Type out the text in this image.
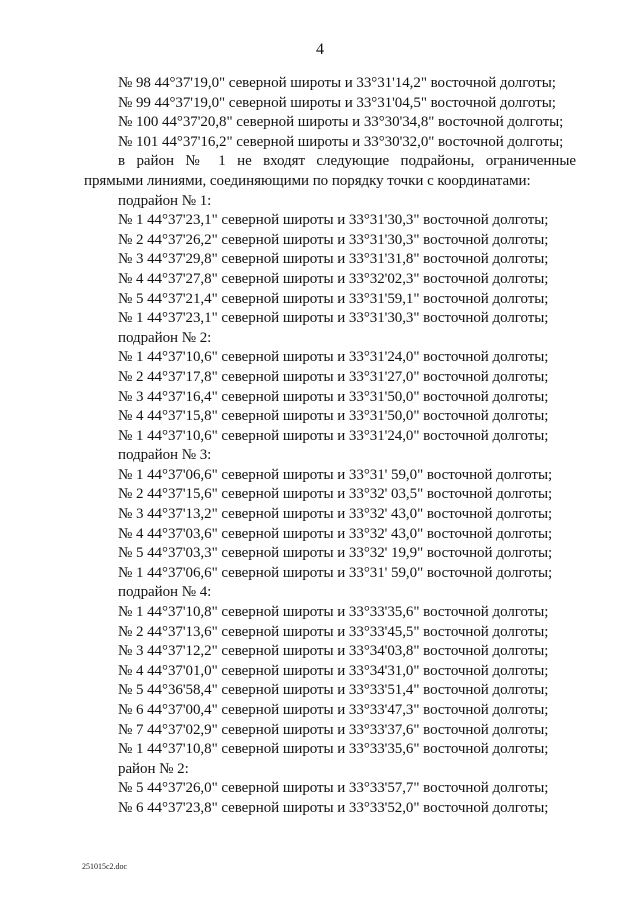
4
№ 98 44°37'19,0" северной широты и 33°31'14,2" восточной долготы;
№ 99 44°37'19,0" северной широты и 33°31'04,5" восточной долготы;
№ 100 44°37'20,8" северной широты и 33°30'34,8" восточной долготы;
№ 101 44°37'16,2" северной широты и 33°30'32,0" восточной долготы;
в район № 1 не входят следующие подрайоны, ограниченные
прямыми линиями, соединяющими по порядку точки с координатами:
подрайон № 1:
№ 1 44°37'23,1" северной широты и 33°31'30,3" восточной долготы;
№ 2 44°37'26,2" северной широты и 33°31'30,3" восточной долготы;
№ 3 44°37'29,8" северной широты и 33°31'31,8" восточной долготы;
№ 4 44°37'27,8" северной широты и 33°32'02,3" восточной долготы;
№ 5 44°37'21,4" северной широты и 33°31'59,1" восточной долготы;
№ 1 44°37'23,1" северной широты и 33°31'30,3" восточной долготы;
подрайон № 2:
№ 1 44°37'10,6" северной широты и 33°31'24,0" восточной долготы;
№ 2 44°37'17,8" северной широты и 33°31'27,0" восточной долготы;
№ 3 44°37'16,4" северной широты и 33°31'50,0" восточной долготы;
№ 4 44°37'15,8" северной широты и 33°31'50,0" восточной долготы;
№ 1 44°37'10,6" северной широты и 33°31'24,0" восточной долготы;
подрайон № 3:
№ 1 44°37'06,6" северной широты и 33°31' 59,0" восточной долготы;
№ 2 44°37'15,6" северной широты и 33°32' 03,5" восточной долготы;
№ 3 44°37'13,2" северной широты и 33°32' 43,0" восточной долготы;
№ 4 44°37'03,6" северной широты и 33°32' 43,0" восточной долготы;
№ 5 44°37'03,3" северной широты и 33°32' 19,9" восточной долготы;
№ 1 44°37'06,6" северной широты и 33°31' 59,0" восточной долготы;
подрайон № 4:
№ 1 44°37'10,8" северной широты и 33°33'35,6" восточной долготы;
№ 2 44°37'13,6" северной широты и 33°33'45,5" восточной долготы;
№ 3 44°37'12,2" северной широты и 33°34'03,8" восточной долготы;
№ 4 44°37'01,0" северной широты и 33°34'31,0" восточной долготы;
№ 5 44°36'58,4" северной широты и 33°33'51,4" восточной долготы;
№ 6 44°37'00,4" северной широты и 33°33'47,3" восточной долготы;
№ 7 44°37'02,9" северной широты и 33°33'37,6" восточной долготы;
№ 1 44°37'10,8" северной широты и 33°33'35,6" восточной долготы;
район № 2:
№ 5 44°37'26,0" северной широты и 33°33'57,7" восточной долготы;
№ 6 44°37'23,8" северной широты и 33°33'52,0" восточной долготы;
251015c2.doc
